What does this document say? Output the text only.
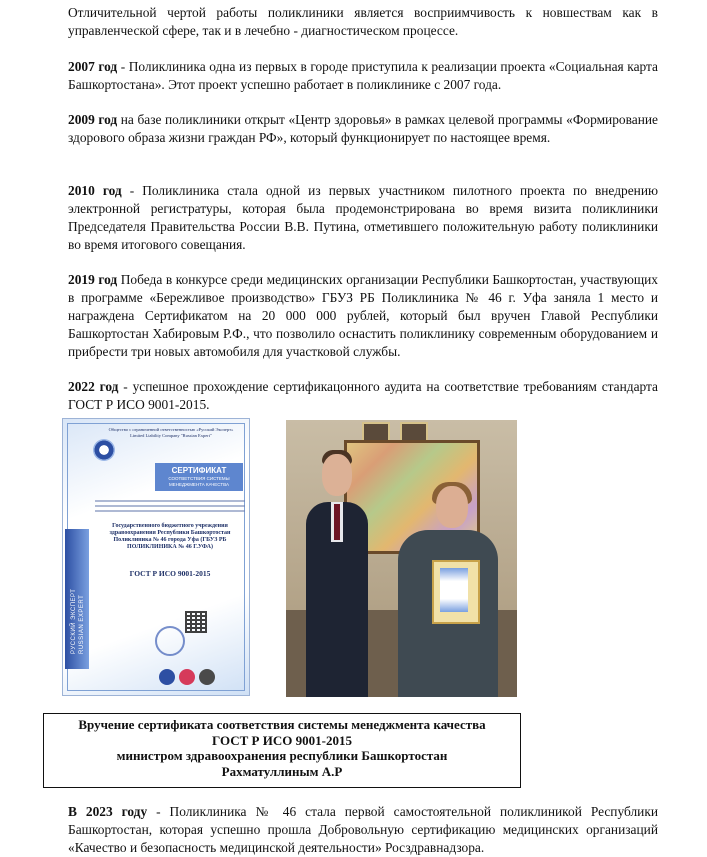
Отличительной чертой работы поликлиники является восприимчивость к новшествам как в управленческой сфере, так и в лечебно - диагностическом процессе.

2007 год - Поликлиника одна из первых в городе приступила к реализации проекта «Социальная карта Башкортостана». Этот проект успешно работает в поликлинике с 2007 года.

2009 год на базе поликлиники открыт «Центр здоровья» в рамках целевой программы «Формирование здорового образа жизни граждан РФ», который функционирует по настоящее время.

2010 год - Поликлиника стала одной из первых участником пилотного проекта по внедрению электронной регистратуры, которая была продемонстрирована во время визита поликлиники Председателя Правительства России В.В. Путина, отметившего положительную работу поликлиники во время итогового совещания.

2019 год Победа в конкурсе среди медицинских организации Республики Башкортостан, участвующих в программе «Бережливое производство» ГБУЗ РБ Поликлиника № 46 г. Уфа заняла 1 место и награждена Сертификатом на 20 000 000 рублей, который был вручен Главой Республики Башкортостан Хабировым Р.Ф., что позволило оснастить поликлинику современным оборудованием и прибрести три новых автомобиля для участковой службы.

2022 год - успешное прохождение сертификацонного аудита на соответствие требованиям стандарта ГОСТ Р ИСО 9001-2015.

РУССКИЙ ЭКСПЕРТ RUSSIAN EXPERT
Общество с ограниченной ответственностью «Русский Эксперт» Limited Liability Company "Russian Expert"
СЕРТИФИКАТ
СООТВЕТСТВИЯ СИСТЕМЫ МЕНЕДЖМЕНТА КАЧЕСТВА
Государственного бюджетного учреждения здравоохранения Республики Башкортостан Поликлиника № 46 города Уфа (ГБУЗ РБ ПОЛИКЛИНИКА № 46 Г.УФА)
ГОСТ Р ИСО 9001-2015
Вручение сертификата соответствия системы менеджмента качества
ГОСТ Р ИСО 9001-2015
министром здравоохранения республики Башкортостан
Рахматуллиным А.Р

В 2023 году - Поликлиника № 46 стала первой самостоятельной поликлиникой Республики Башкортостан, которая успешно прошла Добровольную сертификацию медицинских организаций «Качество и безопасность медицинской деятельности» Росздравнадзора.
